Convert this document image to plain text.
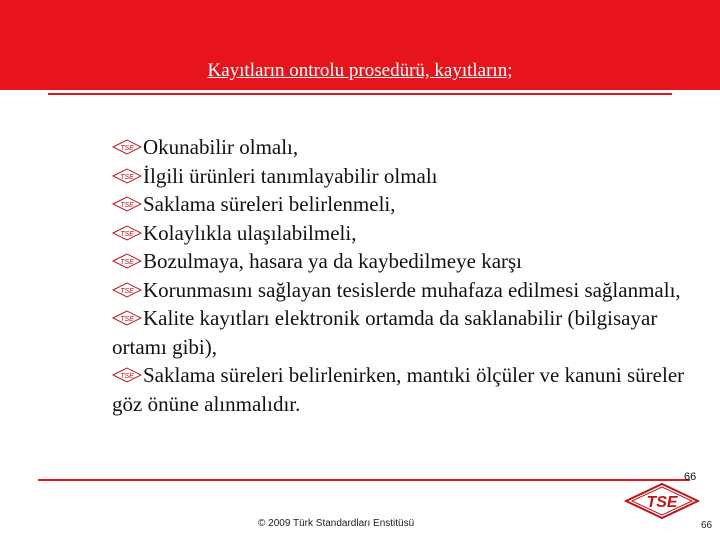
Kayıtların ontrolu prosedürü, kayıtların;
TSE Okunabilir olmalı,
TSE İlgili ürünleri tanımlayabilir olmalı
TSE Saklama süreleri belirlenmeli,
TSE Kolaylıkla ulaşılabilmeli,
TSE Bozulmaya, hasara ya da kaybedilmeye karşı
TSE Korunmasını sağlayan tesislerde muhafaza edilmesi sağlanmalı,
TSE Kalite kayıtları elektronik ortamda da saklanabilir (bilgisayar ortamı gibi),
TSE Saklama süreleri belirlenirken, mantıki ölçüler ve kanuni süreler göz önüne alınmalıdır.
TSE
66
© 2009 Türk Standardları Enstitüsü	66
